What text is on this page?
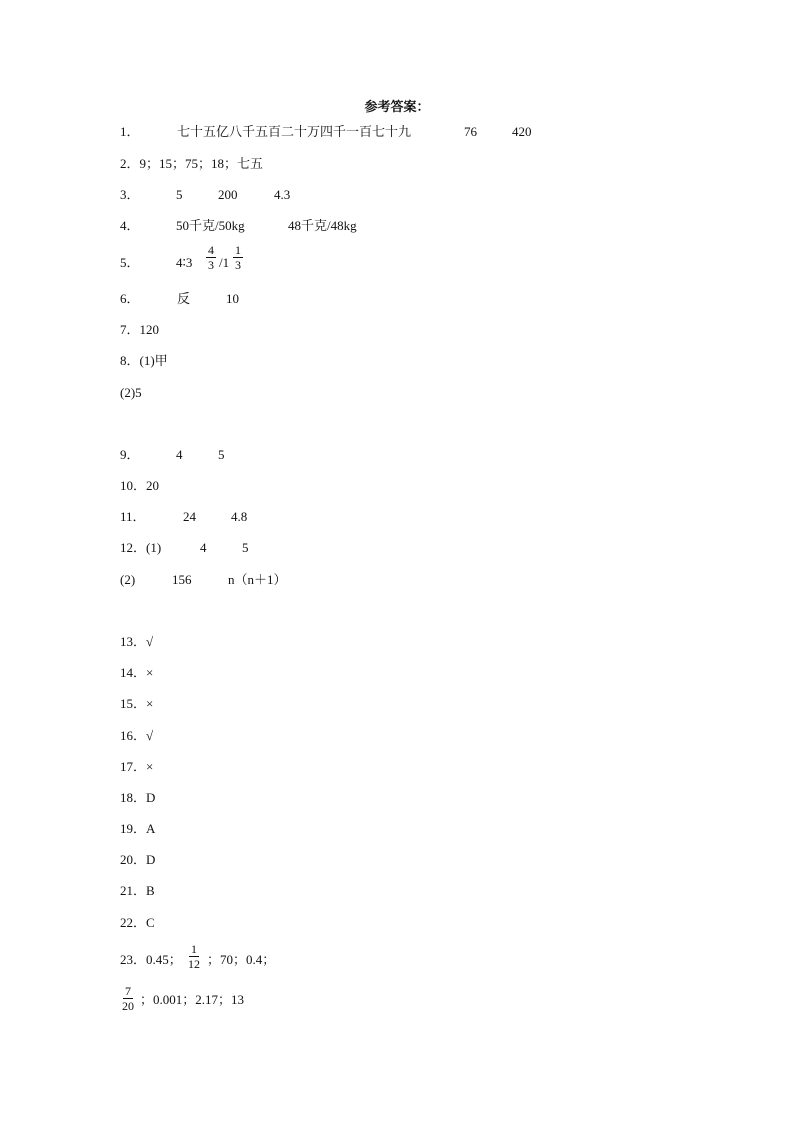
参考答案：
1．	七十五亿八千五百二十万四千一百七十九	76	420
2．9；15；75；18；七五
3．	5	200	4.3
4．	50千克/50kg	48千克/48kg
5．	4∶3 $\frac{4}{3} /1 \frac{1}{3}$
6．	反	10
7．120
8．(1)甲
(2)5
9．	4	5
10．20
11．	24	4.8
12．(1)	4	5
(2)	156	n（n＋1）
13．√
14．×
15．×
16．√
17．×
18．D
19．A
20．D
21．B
22．C
23．0.45； ；70；0.4；
$\frac{1}{12}$
$\frac{7}{20}$ ；0.001；2.17；13
